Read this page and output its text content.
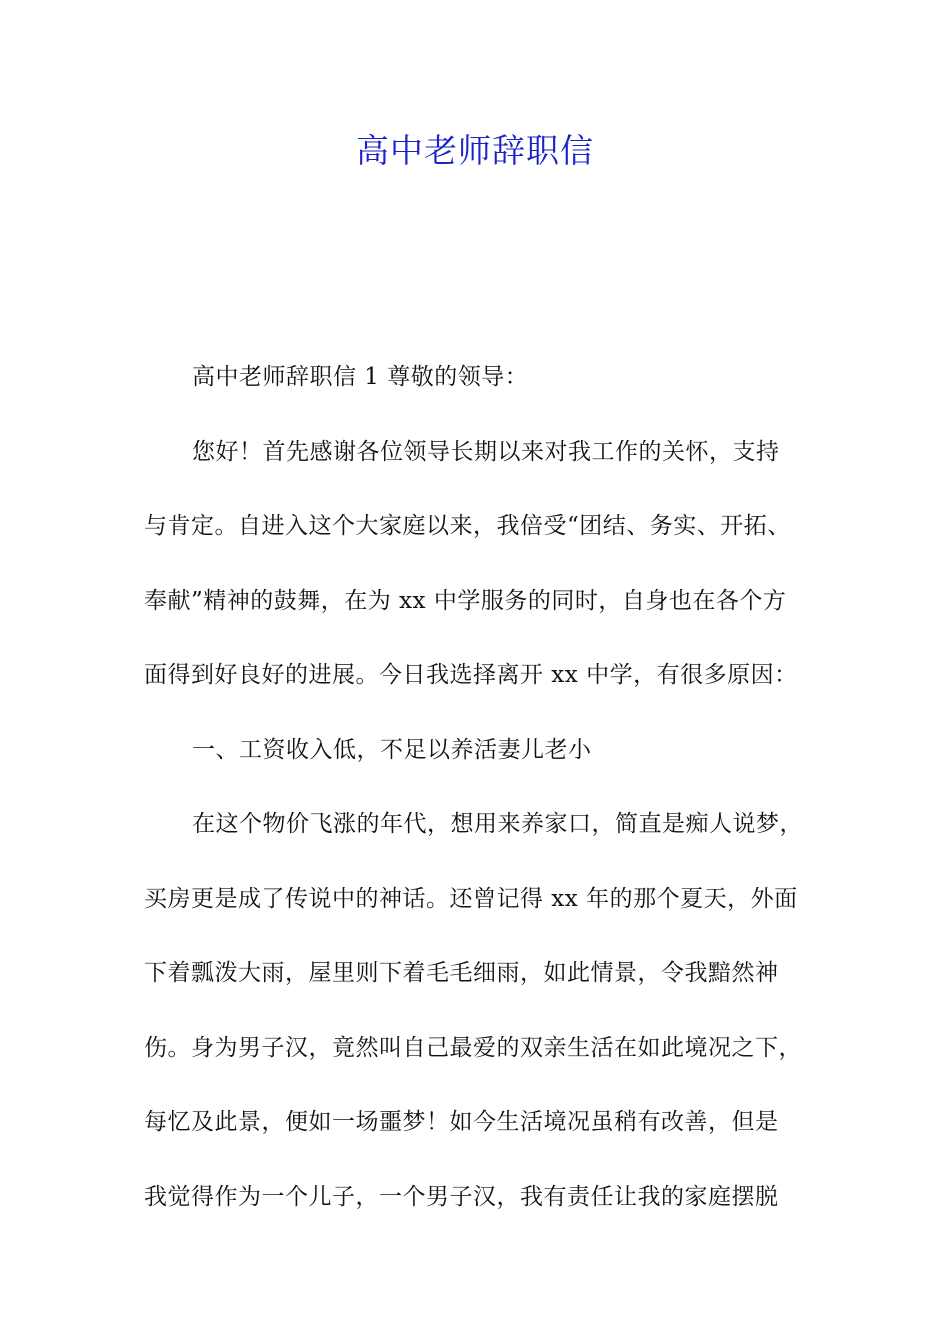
高中老师辞职信

高中老师辞职信 1 尊敬的领导：

您好！首先感谢各位领导长期以来对我工作的关怀，支持
与肯定。自进入这个大家庭以来，我倍受“团结、务实、开拓、
奉献”精神的鼓舞，在为 xx 中学服务的同时，自身也在各个方
面得到好良好的进展。今日我选择离开 xx 中学，有很多原因：

一、工资收入低，不足以养活妻儿老小

在这个物价飞涨的年代，想用来养家口，简直是痴人说梦，
买房更是成了传说中的神话。还曾记得 xx 年的那个夏天，外面
下着瓢泼大雨，屋里则下着毛毛细雨，如此情景，令我黯然神
伤。身为男子汉，竟然叫自己最爱的双亲生活在如此境况之下，
每忆及此景，便如一场噩梦！如今生活境况虽稍有改善，但是
我觉得作为一个儿子，一个男子汉，我有责任让我的家庭摆脱
